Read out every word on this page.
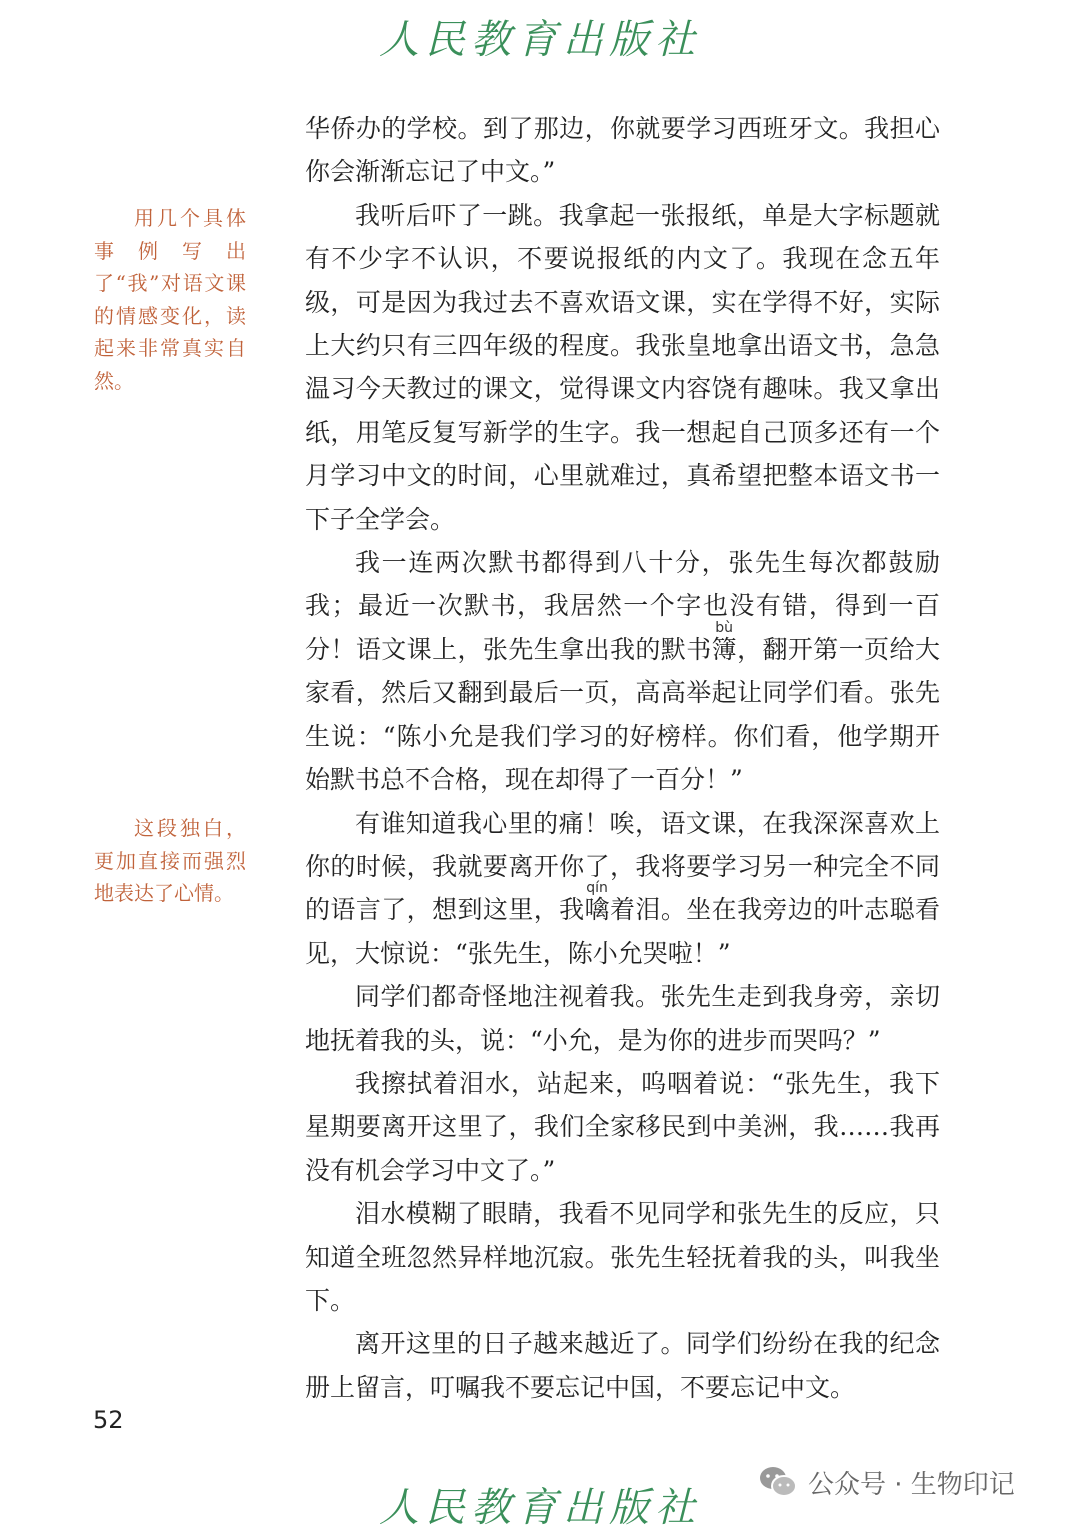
人民教育出版社
用几个具体事例写出了“我”对语文课的情感变化，读起来非常真实自然。
这段独白，更加直接而强烈地表达了心情。

华侨办的学校。到了那边，你就要学习西班牙文。我担心你会渐渐忘记了中文。”

我听后吓了一跳。我拿起一张报纸，单是大字标题就有不少字不认识，不要说报纸的内文了。我现在念五年级，可是因为我过去不喜欢语文课，实在学得不好，实际上大约只有三四年级的程度。我张皇地拿出语文书，急急温习今天教过的课文，觉得课文内容饶有趣味。我又拿出纸，用笔反复写新学的生字。我一想起自己顶多还有一个月学习中文的时间，心里就难过，真希望把整本语文书一下子全学会。

我一连两次默书都得到八十分，张先生每次都鼓励我；最近一次默书，我居然一个字也没有错，得到一百分！语文课上，张先生拿出我的默书簿bù，翻开第一页给大家看，然后又翻到最后一页，高高举起让同学们看。张先生说：“陈小允是我们学习的好榜样。你们看，他学期开始默书总不合格，现在却得了一百分！”

有谁知道我心里的痛！唉，语文课，在我深深喜欢上你的时候，我就要离开你了，我将要学习另一种完全不同的语言了，想到这里，我噙qín着泪。坐在我旁边的叶志聪看见，大惊说：“张先生，陈小允哭啦！”

同学们都奇怪地注视着我。张先生走到我身旁，亲切地抚着我的头，说：“小允，是为你的进步而哭吗？”

我擦拭着泪水，站起来，呜咽着说：“张先生，我下星期要离开这里了，我们全家移民到中美洲，我……我再没有机会学习中文了。”

泪水模糊了眼睛，我看不见同学和张先生的反应，只知道全班忽然异样地沉寂。张先生轻抚着我的头，叫我坐下。

离开这里的日子越来越近了。同学们纷纷在我的纪念册上留言，叮嘱我不要忘记中国，不要忘记中文。

52
人民教育出版社
公众号 · 生物印记
